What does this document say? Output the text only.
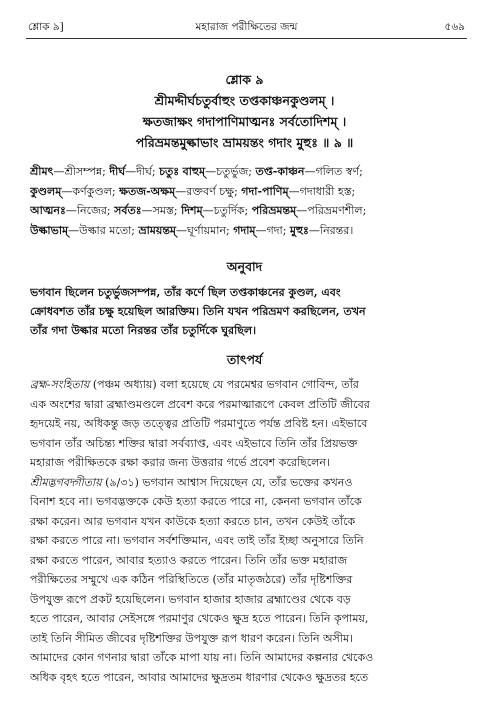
শ্লোক ৯]	মহারাজ পরীক্ষিতের জন্ম	৫৬৯
শ্লোক ৯
শ্রীমদ্দীর্ঘচতুর্বাহুং তপ্তকাঞ্চনকুণ্ডলম্ ।
ক্ষতজাক্ষং গদাপাণিমাত্মনঃ সর্বতোদিশম্ ।
পরিভ্রমন্তমুল্কাভাং ভ্রাময়ন্তং গদাং মুহুঃ ॥ ৯ ॥
শ্রীমৎ—শ্রীসম্পন্ন; দীর্ঘ—দীর্ঘ; চতুঃ বাহুম্—চতুর্ভুজ; তপ্ত-কাঞ্চন—গলিত স্বর্ণ;
কুণ্ডলম্—কর্ণকুণ্ডল; ক্ষতজ-অক্ষম্—রক্তবর্ণ চক্ষু; গদা-পাণিম্—গদাধারী হস্ত;
আত্মনঃ—নিজের; সর্বতঃ—সমস্ত; দিশম্—চতুর্দিক; পরিভ্রমন্তম্—পরিভ্রমণশীল;
উল্কাভাম্—উল্কার মতো; ভ্রাময়ন্তম্—ঘূর্ণায়মান; গদাম্—গদা; মুহুঃ—নিরন্তর।
অনুবাদ
ভগবান ছিলেন চতুর্ভুজসম্পন্ন, তাঁর কর্ণে ছিল তপ্তকাঞ্চনের কুণ্ডল, এবং
ক্রোধবশত তাঁর চক্ষু হয়েছিল আরক্তিম। তিনি যখন পরিভ্রমণ করছিলেন, তখন
তাঁর গদা উল্কার মতো নিরন্তর তাঁর চতুর্দিকে ঘুরছিল।
তাৎপর্য
ব্রহ্ম-সংহিতায় (পঞ্চম অধ্যায়) বলা হয়েছে যে পরমেশ্বর ভগবান গোবিন্দ, তাঁর
এক অংশের দ্বারা ব্রহ্মাণ্ডমণ্ডলে প্রবেশ করে পরমাত্মারূপে কেবল প্রতিটি জীবের
হৃদয়েই নয়, অধিকন্তু জড় তত্ত্বের প্রতিটি পরমাণুতে পর্যন্ত প্রবিষ্ট হন। এইভাবে
ভগবান তাঁর অচিন্ত্য শক্তির দ্বারা সর্বব্যাপ্ত, এবং এইভাবে তিনি তাঁর প্রিয়ভক্ত
মহারাজ পরীক্ষিতকে রক্ষা করার জন্য উত্তরার গর্ভে প্রবেশ করেছিলেন।
শ্রীমদ্ভগবদ্গীতায় (৯/৩১) ভগবান আশ্বাস দিয়েছেন যে, তাঁর ভক্তের কখনও
বিনাশ হবে না। ভগবদ্ভক্তকে কেউ হত্যা করতে পারে না, কেননা ভগবান তাঁকে
রক্ষা করেন। আর ভগবান যখন কাউকে হত্যা করতে চান, তখন কেউই তাঁকে
রক্ষা করতে পারে না। ভগবান সর্বশক্তিমান, এবং তাই তাঁর ইচ্ছা অনুসারে তিনি
রক্ষা করতে পারেন, আবার হত্যাও করতে পারেন। তিনি তাঁর ভক্ত মহারাজ
পরীক্ষিতের সম্মুখে এক কঠিন পরিস্থিতিতে (তাঁর মাতৃজঠরে) তাঁর দৃষ্টিশক্তির
উপযুক্ত রূপে প্রকট হয়েছিলেন। ভগবান হাজার হাজার ব্রহ্মাণ্ডের থেকে বড়
হতে পারেন, আবার সেইসঙ্গে পরমাণুর থেকেও ক্ষুদ্র হতে পারেন। তিনি কৃপাময়,
তাই তিনি সীমিত জীবের দৃষ্টিশক্তির উপযুক্ত রূপ ধারণ করেন। তিনি অসীম।
আমাদের কোন গণনার দ্বারা তাঁকে মাপা যায় না। তিনি আমাদের কল্পনার থেকেও
অধিক বৃহৎ হতে পারেন, আবার আমাদের ক্ষুদ্রতম ধারণার থেকেও ক্ষুদ্রতর হতে
